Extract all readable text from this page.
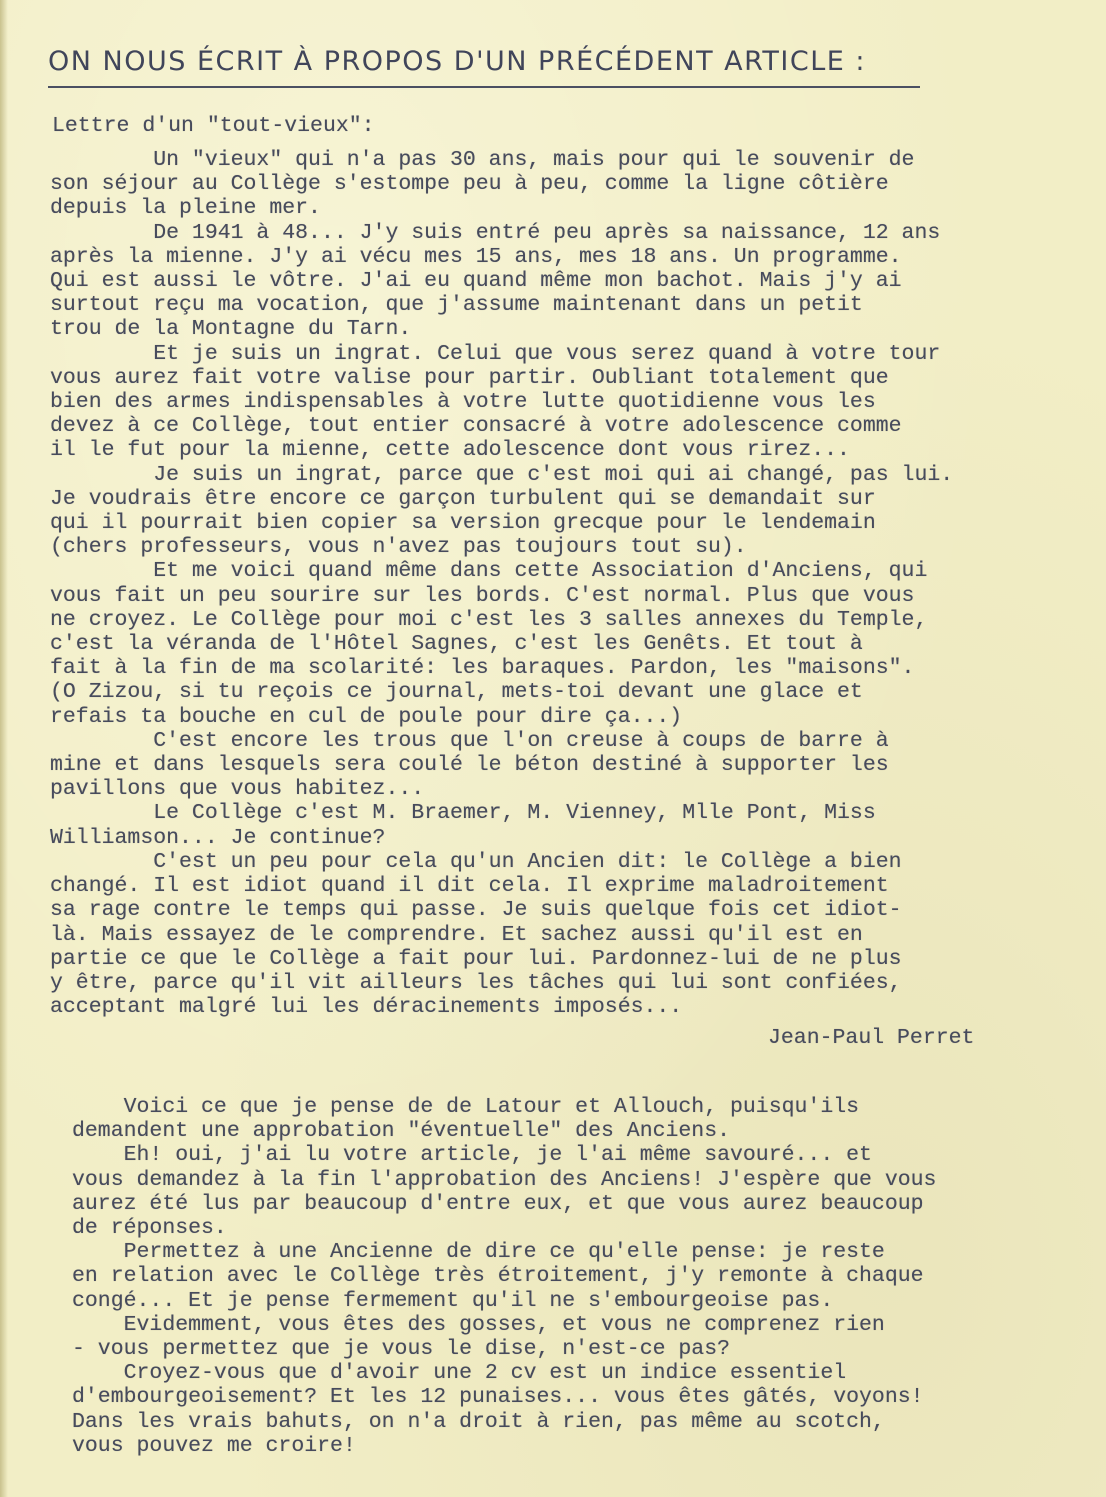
ON NOUS ÉCRIT À PROPOS D'UN PRÉCÉDENT ARTICLE :

Lettre d'un "tout-vieux":

Un "vieux" qui n'a pas 30 ans, mais pour qui le souvenir de
son séjour au Collège s'estompe peu à peu, comme la ligne côtière
depuis la pleine mer.
De 1941 à 48... J'y suis entré peu après sa naissance, 12 ans
après la mienne. J'y ai vécu mes 15 ans, mes 18 ans. Un programme.
Qui est aussi le vôtre. J'ai eu quand même mon bachot. Mais j'y ai
surtout reçu ma vocation, que j'assume maintenant dans un petit
trou de la Montagne du Tarn.
Et je suis un ingrat. Celui que vous serez quand à votre tour
vous aurez fait votre valise pour partir. Oubliant totalement que
bien des armes indispensables à votre lutte quotidienne vous les
devez à ce Collège, tout entier consacré à votre adolescence comme
il le fut pour la mienne, cette adolescence dont vous rirez...
Je suis un ingrat, parce que c'est moi qui ai changé, pas lui.
Je voudrais être encore ce garçon turbulent qui se demandait sur
qui il pourrait bien copier sa version grecque pour le lendemain
(chers professeurs, vous n'avez pas toujours tout su).
Et me voici quand même dans cette Association d'Anciens, qui
vous fait un peu sourire sur les bords. C'est normal. Plus que vous
ne croyez. Le Collège pour moi c'est les 3 salles annexes du Temple,
c'est la véranda de l'Hôtel Sagnes, c'est les Genêts. Et tout à
fait à la fin de ma scolarité: les baraques. Pardon, les "maisons".
(O Zizou, si tu reçois ce journal, mets-toi devant une glace et
refais ta bouche en cul de poule pour dire ça...)
C'est encore les trous que l'on creuse à coups de barre à
mine et dans lesquels sera coulé le béton destiné à supporter les
pavillons que vous habitez...
Le Collège c'est M. Braemer, M. Vienney, Mlle Pont, Miss
Williamson... Je continue?
C'est un peu pour cela qu'un Ancien dit: le Collège a bien
changé. Il est idiot quand il dit cela. Il exprime maladroitement
sa rage contre le temps qui passe. Je suis quelque fois cet idiot-
là. Mais essayez de le comprendre. Et sachez aussi qu'il est en
partie ce que le Collège a fait pour lui. Pardonnez-lui de ne plus
y être, parce qu'il vit ailleurs les tâches qui lui sont confiées,
acceptant malgré lui les déracinements imposés...

Jean-Paul Perret

Voici ce que je pense de de Latour et Allouch, puisqu'ils
demandent une approbation "éventuelle" des Anciens.
Eh! oui, j'ai lu votre article, je l'ai même savouré... et
vous demandez à la fin l'approbation des Anciens! J'espère que vous
aurez été lus par beaucoup d'entre eux, et que vous aurez beaucoup
de réponses.
Permettez à une Ancienne de dire ce qu'elle pense: je reste
en relation avec le Collège très étroitement, j'y remonte à chaque
congé... Et je pense fermement qu'il ne s'embourgeoise pas.
Evidemment, vous êtes des gosses, et vous ne comprenez rien
- vous permettez que je vous le dise, n'est-ce pas?
Croyez-vous que d'avoir une 2 cv est un indice essentiel
d'embourgeoisement? Et les 12 punaises... vous êtes gâtés, voyons!
Dans les vrais bahuts, on n'a droit à rien, pas même au scotch,
vous pouvez me croire!
